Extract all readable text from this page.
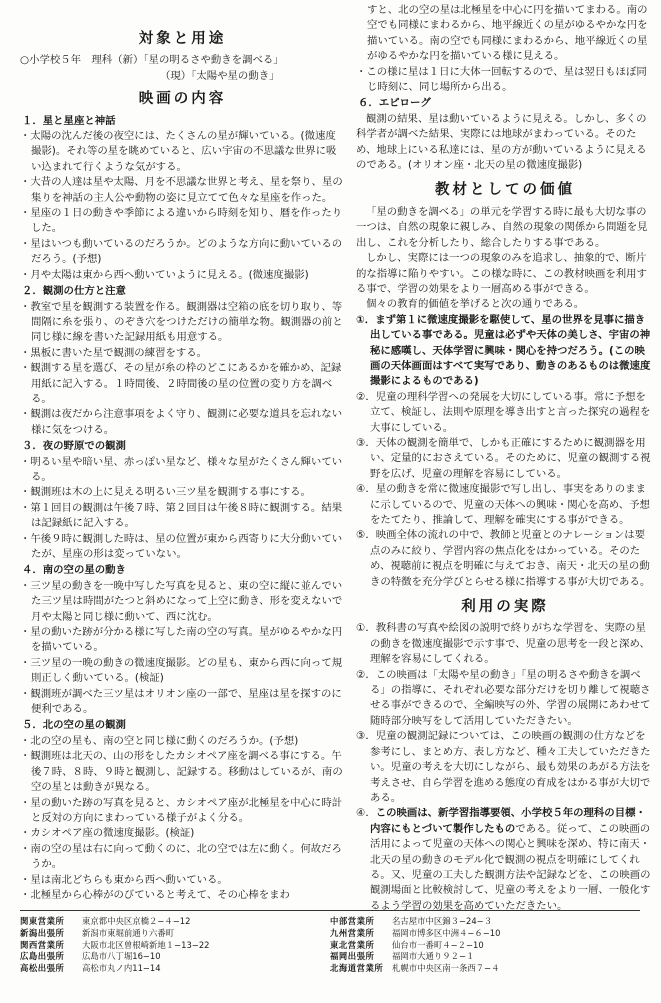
対象と用途

○小学校５年　理科（新）「星の明るさや動きを調べる」

（現）「太陽や星の動き」

映画の内容
１．星と星座と神話

・ 太陽の沈んだ後の夜空には、たくさんの星が輝いている。(微速度撮影)。それ等の星を眺めていると、広い宇宙の不思議な世界に吸い込まれて行くような気がする。

・ 大昔の人達は星や太陽、月を不思議な世界と考え、星を祭り、星の集りを神話の主人公や動物の姿に見立てて色々な星座を作った。

・ 星座の１日の動きや季節による違いから時刻を知り、暦を作ったりした。

・ 星はいつも動いているのだろうか。どのような方向に動いているのだろう。(予想)

・ 月や太陽は東から西へ動いていように見える。(微速度撮影)

２．観測の仕方と注意

・ 教室で星を観測する装置を作る。観測器は空箱の底を切り取り、等間隔に糸を張り、のぞき穴をつけただけの簡単な物。観測器の前と同じ様に線を書いた記録用紙も用意する。

・ 黒板に書いた星で観測の練習をする。

・ 観測する星を選び、その星が糸の枠のどこにあるかを確かめ、記録用紙に記入する。１時間後、２時間後の星の位置の変り方を調べる。

・ 観測は夜だから注意事項をよく守り、観測に必要な道具を忘れない様に気をつける。

３．夜の野原での観測

・ 明るい星や暗い星、赤っぽい星など、様々な星がたくさん輝いている。

・ 観測班は木の上に見える明るい三ツ星を観測する事にする。

・ 第１回目の観測は午後７時、第２回目は午後８時に観測する。結果は記録紙に記入する。

・ 午後９時に観測した時は、星の位置が東から西寄りに大分動いていたが、星座の形は変っていない。

４．南の空の星の動き

・ 三ツ星の動きを一晩中写した写真を見ると、東の空に縦に並んでいた三ツ星は時間がたつと斜めになって上空に動き、形を変えないで月や太陽と同じ様に動いて、西に沈む。

・ 星の動いた跡が分かる様に写した南の空の写真。星がゆるやかな円を描いている。

・ 三ツ星の一晩の動きの微速度撮影。どの星も、東から西に向って規則正しく動いている。(検証)

・ 観測班が調べた三ツ星はオリオン座の一部で、星座は星を探すのに便利である。

５．北の空の星の観測

・ 北の空の星も、南の空と同じ様に動くのだろうか。(予想)

・ 観測班は北天の、山の形をしたカシオペア座を調べる事にする。午後７時、８時、９時と観測し、記録する。移動はしているが、南の空の星とは動きが異なる。

・ 星の動いた跡の写真を見ると、カシオペア座が北極星を中心に時計と反対の方向にまわっている様子がよく分る。

・ カシオペア座の微速度撮影。(検証)

・ 南の空の星は右に向って動くのに、北の空では左に動く。何故だろうか。

・ 星は南北どちらも東から西へ動いている。

・ 北極星から心棒がのびていると考えて、その心棒をまわ

すと、北の空の星は北極星を中心に円を描いてまわる。南の空でも同様にまわるから、地平線近くの星がゆるやかな円を描いている。南の空でも同様にまわるから、地平線近くの星がゆるやかな円を描いている様に見える。

・ この様に星は１日に大体一回転するので、星は翌日もほぼ同じ時刻に、同じ場所から出る。

６．エピローグ

観測の結果、星は動いているように見える。しかし、多くの科学者が調べた結果、実際には地球がまわっている。そのため、地球上にいる私達には、星の方が動いているように見えるのである。(オリオン座・北天の星の微速度撮影)

教材としての価値

「星の動きを調べる」の単元を学習する時に最も大切な事の一つは、自然の現象に親しみ、自然の現象の関係から問題を見出し、これを分析したり、総合したりする事である。

しかし、実際には一つの現象のみを追求し、抽象的で、断片的な指導に陥りやすい。この様な時に、この教材映画を利用する事で、学習の効果をより一層高める事ができる。

個々の教育的価値を挙げると次の通りである。

①．まず第１に微速度撮影を駆使して、星の世界を見事に描き出している事である。児童は必ずや天体の美しさ、宇宙の神秘に感嘆し、天体学習に興味・関心を持つだろう。(この映画の天体画面はすべて実写であり、動きのあるものは微速度撮影によるものである)

②．児童の理科学習への発展を大切にしている事。常に予想を立て、検証し、法則や原理を導き出すと言った探究の過程を大事にしている。

③．天体の観測を簡単で、しかも正確にするために観測器を用い、定量的におさえている。そのために、児童の観測する視野を広げ、児童の理解を容易にしている。

④．星の動きを常に微速度撮影で写し出し、事実をありのままに示しているので、児童の天体への興味・関心を高め、予想をたてたり、推論して、理解を確実にする事ができる。

⑤．映画全体の流れの中で、教師と児童とのナレーションは要点のみに絞り、学習内容の焦点化をはかっている。そのため、視聴前に視点を明確に与えておき、南天・北天の星の動きの特徴を充分学びとらせる様に指導する事が大切である。

利用の実際

①．教科書の写真や絵図の説明で終りがちな学習を、実際の星の動きを微速度撮影で示す事で、児童の思考を一段と深め、理解を容易にしてくれる。

②．この映画は「太陽や星の動き」「星の明るさや動きを調べる」の指導に、それぞれ必要な部分だけを切り離して視聴させる事ができるので、全編映写の外、学習の展開にあわせて随時部分映写をして活用していただきたい。

③．児童の観測記録については、この映画の観測の仕方などを参考にし、まとめ方、表し方など、種々工夫していただきたい。児童の考えを大切にしながら、最も効果のあがる方法を考えさせ、自ら学習を進める態度の育成をはかる事が大切である。

④．この映画は、新学習指導要領、小学校５年の理科の目標・内容にもとづいて製作したものである。従って、この映画の活用によって児童の天体への関心と興味を深め、特に南天・北天の星の動きのモデル化で観測の視点を明確にしてくれる。又、児童の工夫した観測方法や記録などを、この映画の観測場面と比較検討して、児童の考えをより一層、一般化するよう学習の効果を高めていただきたい。

関東営業所	東京都中央区京橋２−４−12	中部営業所	名古屋市中区錦３−24−３
新潟出張所	新潟市東堀前通り六番町	九州営業所	福岡市博多区中洲４−６−10
関西営業所	大阪市北区曽根崎新地１−13−22	東北営業所	仙台市一番町４−２−10
広島出張所	広島市八丁堀16−10	福岡出張所	福岡市大通り９２−１
高松出張所	高松市丸ノ内11−14	北海道営業所	札幌市中央区南一条西７−４
